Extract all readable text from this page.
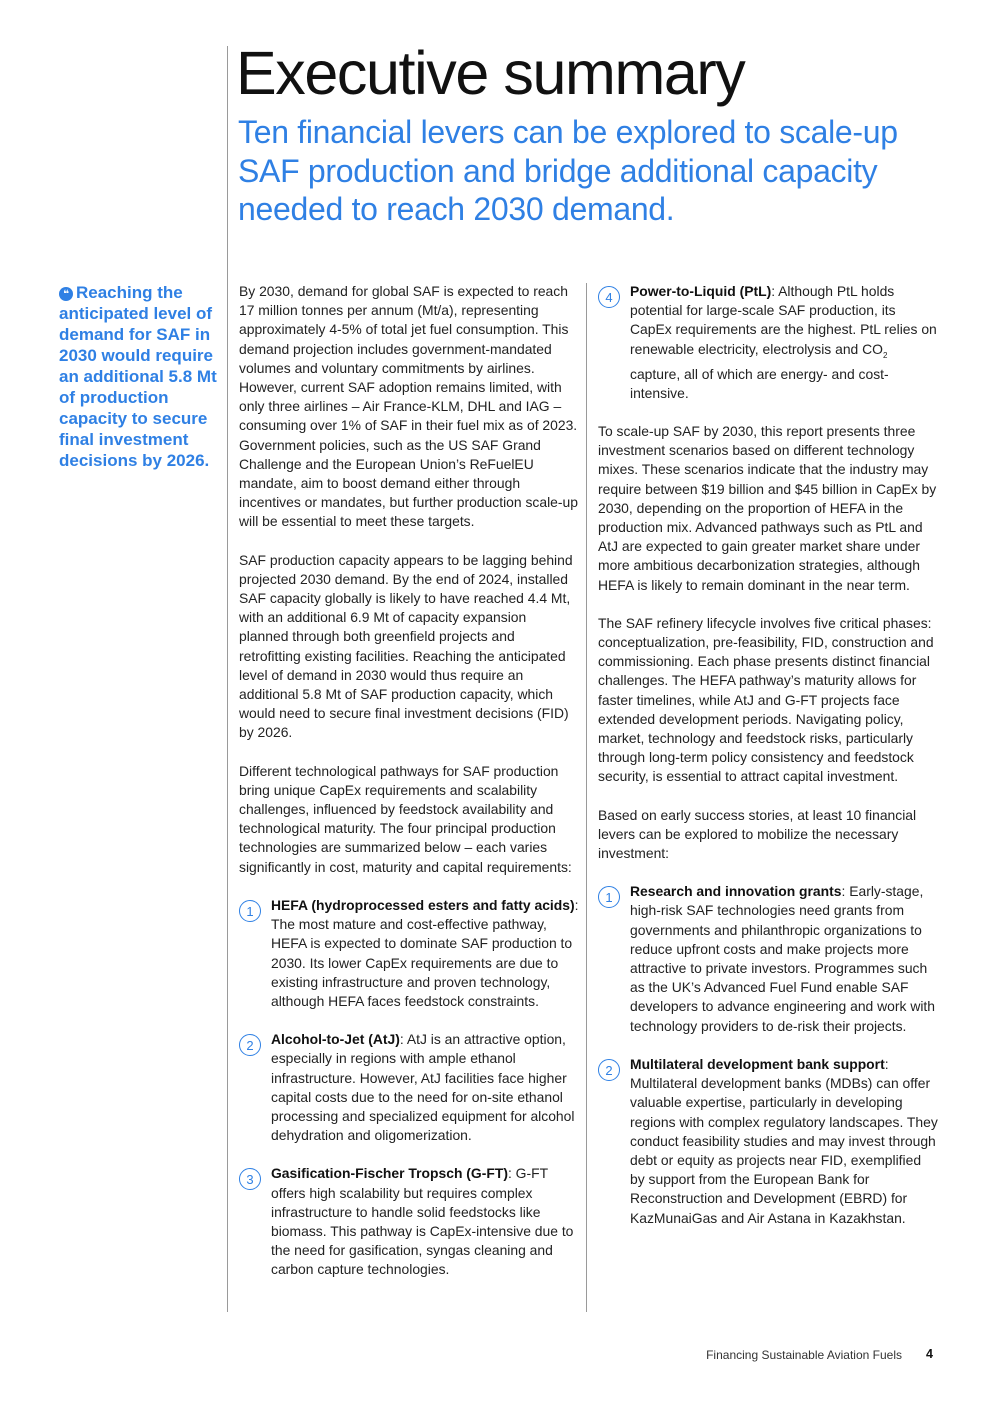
Executive summary

Ten financial levers can be explored to scale-up SAF production and bridge additional capacity needed to reach 2030 demand.

❝ Reaching the anticipated level of demand for SAF in 2030 would require an additional 5.8 Mt of production capacity to secure final investment decisions by 2026.

By 2030, demand for global SAF is expected to reach 17 million tonnes per annum (Mt/a), representing approximately 4-5% of total jet fuel consumption. This demand projection includes government-mandated volumes and voluntary commitments by airlines. However, current SAF adoption remains limited, with only three airlines – Air France-KLM, DHL and IAG – consuming over 1% of SAF in their fuel mix as of 2023. Government policies, such as the US SAF Grand Challenge and the European Union’s ReFuelEU mandate, aim to boost demand either through incentives or mandates, but further production scale-up will be essential to meet these targets.

SAF production capacity appears to be lagging behind projected 2030 demand. By the end of 2024, installed SAF capacity globally is likely to have reached 4.4 Mt, with an additional 6.9 Mt of capacity expansion planned through both greenfield projects and retrofitting existing facilities. Reaching the anticipated level of demand in 2030 would thus require an additional 5.8 Mt of SAF production capacity, which would need to secure final investment decisions (FID) by 2026.

Different technological pathways for SAF production bring unique CapEx requirements and scalability challenges, influenced by feedstock availability and technological maturity. The four principal production technologies are summarized below – each varies significantly in cost, maturity and capital requirements:

1	HEFA (hydroprocessed esters and fatty acids): The most mature and cost-effective pathway, HEFA is expected to dominate SAF production to 2030. Its lower CapEx requirements are due to existing infrastructure and proven technology, although HEFA faces feedstock constraints.
2	Alcohol-to-Jet (AtJ): AtJ is an attractive option, especially in regions with ample ethanol infrastructure. However, AtJ facilities face higher capital costs due to the need for on-site ethanol processing and specialized equipment for alcohol dehydration and oligomerization.
3	Gasification-Fischer Tropsch (G-FT): G-FT offers high scalability but requires complex infrastructure to handle solid feedstocks like biomass. This pathway is CapEx-intensive due to the need for gasification, syngas cleaning and carbon capture technologies.
4	Power-to-Liquid (PtL): Although PtL holds potential for large-scale SAF production, its CapEx requirements are the highest. PtL relies on renewable electricity, electrolysis and $CO_2$ capture, all of which are energy- and cost-intensive.

To scale-up SAF by 2030, this report presents three investment scenarios based on different technology mixes. These scenarios indicate that the industry may require between $19 billion and $45 billion in CapEx by 2030, depending on the proportion of HEFA in the production mix. Advanced pathways such as PtL and AtJ are expected to gain greater market share under more ambitious decarbonization strategies, although HEFA is likely to remain dominant in the near term.

The SAF refinery lifecycle involves five critical phases: conceptualization, pre-feasibility, FID, construction and commissioning. Each phase presents distinct financial challenges. The HEFA pathway’s maturity allows for faster timelines, while AtJ and G-FT projects face extended development periods. Navigating policy, market, technology and feedstock risks, particularly through long-term policy consistency and feedstock security, is essential to attract capital investment.

Based on early success stories, at least 10 financial levers can be explored to mobilize the necessary investment:

1	Research and innovation grants: Early-stage, high-risk SAF technologies need grants from governments and philanthropic organizations to reduce upfront costs and make projects more attractive to private investors. Programmes such as the UK’s Advanced Fuel Fund enable SAF developers to advance engineering and work with technology providers to de-risk their projects.
2	Multilateral development bank support: Multilateral development banks (MDBs) can offer valuable expertise, particularly in developing regions with complex regulatory landscapes. They conduct feasibility studies and may invest through debt or equity as projects near FID, exemplified by support from the European Bank for Reconstruction and Development (EBRD) for KazMunaiGas and Air Astana in Kazakhstan.
Financing Sustainable Aviation Fuels 4
